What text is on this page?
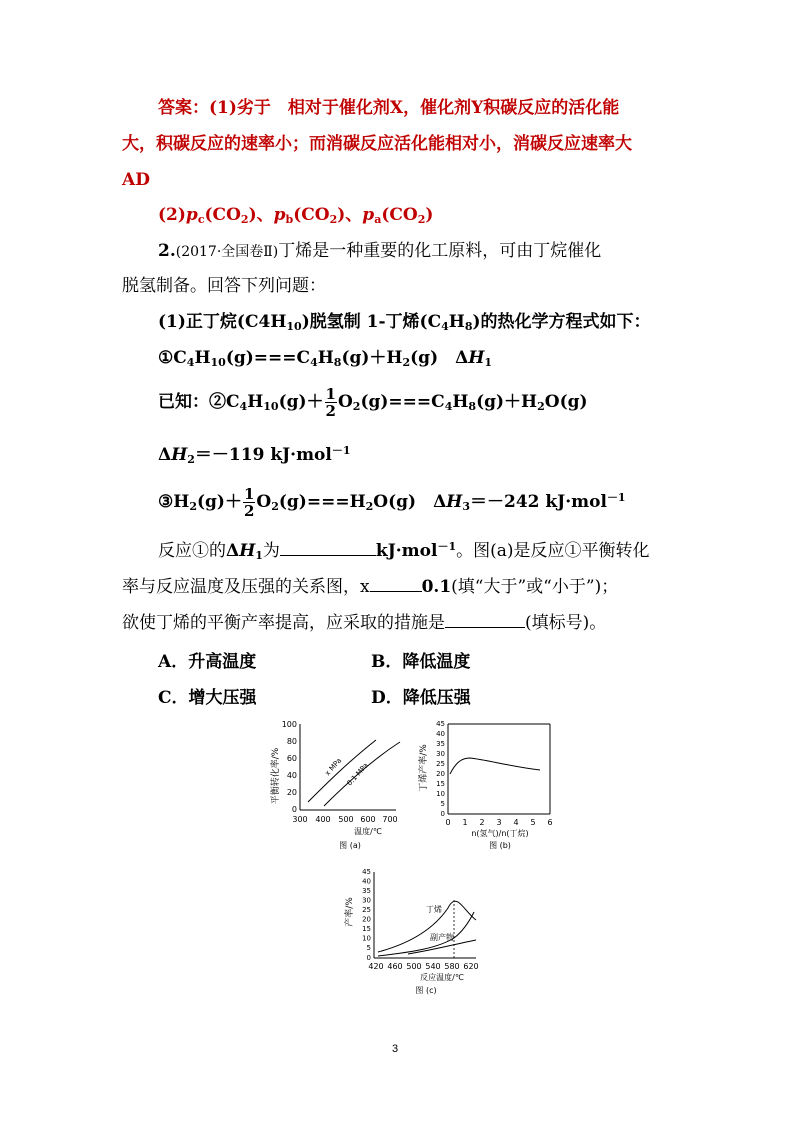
答案：(1)劣于　相对于催化剂X，催化剂Y积碳反应的活化能
大，积碳反应的速率小；而消碳反应活化能相对小，消碳反应速率大
AD
$(2)p_c(CO_2)$、$p_b(CO_2)$、$p_a(CO_2)$
2.(2017·全国卷Ⅱ)丁烯是一种重要的化工原料，可由丁烷催化
脱氢制备。回答下列问题：
(1)正丁烷$(C4H_{10})$脱氢制 1-丁烯$(C_4H_8)$的热化学方程式如下：
$①C_4H_{10}(g)===C_4H_8(g)+H_2(g)$　$\Delta H_1$
已知：$②C_4H_{10}(g)+ \frac{1}{2} O_2(g)===C_4H_8(g)+H_2O(g)$
$\Delta H_2=-119$ kJ·mol$^{-1}$
$③H_2(g)+ \frac{1}{2} O_2(g)===H_2O(g)$　$\Delta H_3=-242$ kJ·mol$^{-1}$
反应①的$\Delta H_1$为	kJ·mol$^{-1}$。图(a)是反应①平衡转化
率与反应温度及压强的关系图，x	0.1(填“大于”或“小于”)；
欲使丁烯的平衡产率提高，应采取的措施是	(填标号)。
A．升高温度	B．降低温度
C．增大压强	D．降低压强
平衡转化率/%
100
80
60
40
20
0
300 400 500 600 700
x MPa 0.1 MPa
温度/℃
图 (a)
丁烯产率/%
45
40
35
30
25
20
15
10
5
0
0 1 2 3 4 5 6
n(氢气)/n(丁烷)
图 (b)
产率/%
45
40
35
30
25
20
15
10
5
0
420 460 500 540 580 620
丁烯
副产物
反应温度/℃
图 (c)
3
